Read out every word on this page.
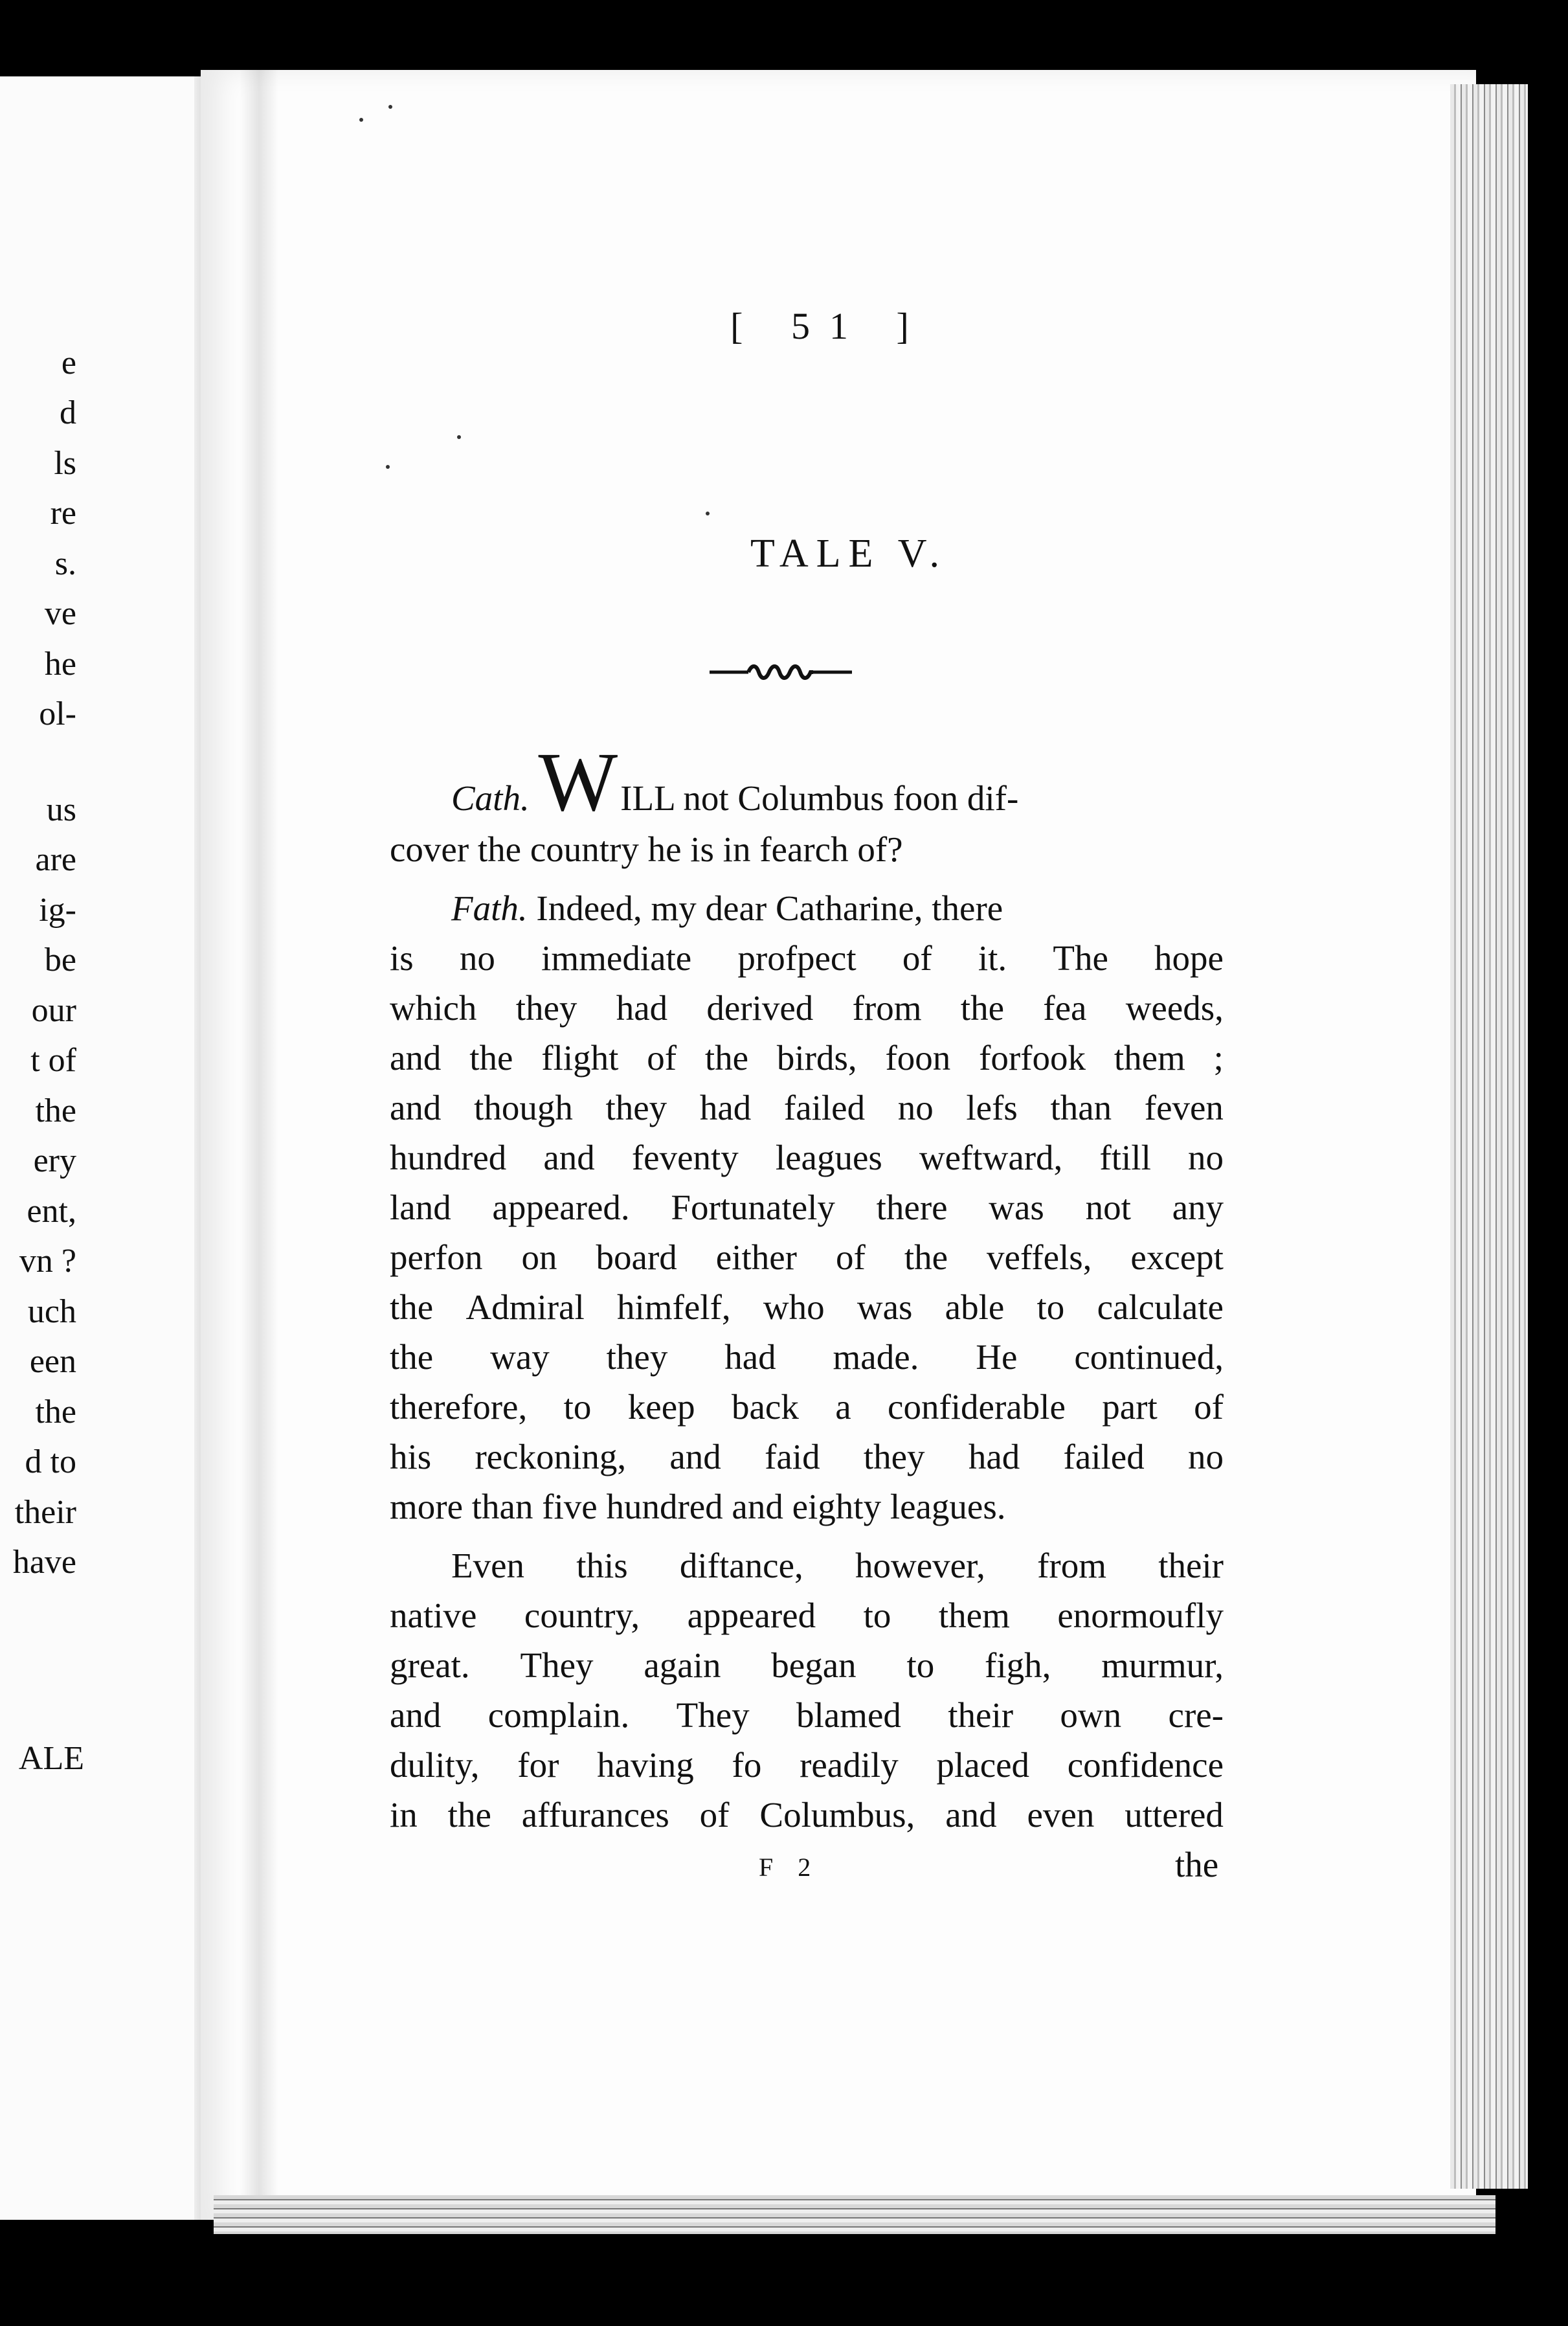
e
d
ls
re
s.
ve
he
ol-
us
are
ig-
be
our
t of
the
ery
ent,
vn ?
uch
een
the
d to
their
have
ALE
[ 51 ]
TALE V.
Cath. WILL not Columbus foon dif-
cover the country he is in fearch of?
Fath. Indeed, my dear Catharine, there
is no immediate profpect of it. The hope
which they had derived from the fea weeds,
and the flight of the birds, foon forfook them ;
and though they had failed no lefs than feven
hundred and feventy leagues weftward, ftill no
land appeared. Fortunately there was not any
perfon on board either of the veffels, except
the Admiral himfelf, who was able to calculate
the way they had made. He continued,
therefore, to keep back a confiderable part of
his reckoning, and faid they had failed no
more than five hundred and eighty leagues.
Even this diftance, however, from their
native country, appeared to them enormoufly
great. They again began to figh, murmur,
and complain. They blamed their own cre-
dulity, for having fo readily placed confidence
in the affurances of Columbus, and even uttered
F 2	the
